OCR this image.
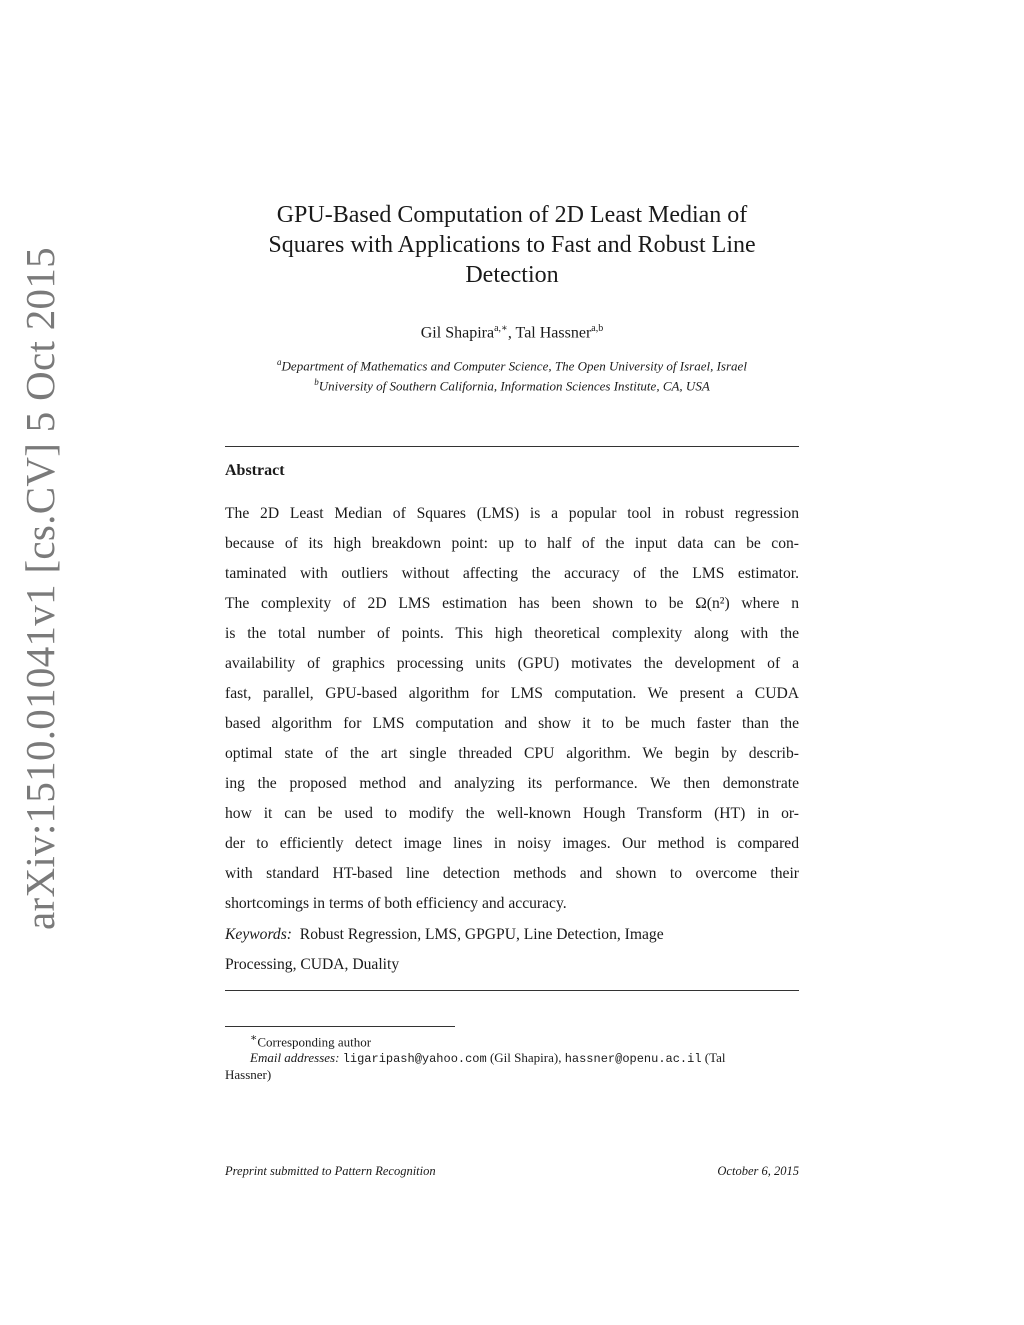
arXiv:1510.01041v1 [cs.CV] 5 Oct 2015
GPU-Based Computation of 2D Least Median of
Squares with Applications to Fast and Robust Line
Detection
Gil Shapira$^{a,∗}$, Tal Hassner$^{a,b}$
$^a$Department of Mathematics and Computer Science, The Open University of Israel, Israel
$^b$University of Southern California, Information Sciences Institute, CA, USA
Abstract
The 2D Least Median of Squares (LMS) is a popular tool in robust regression
because of its high breakdown point: up to half of the input data can be con-
taminated with outliers without affecting the accuracy of the LMS estimator.
The complexity of 2D LMS estimation has been shown to be Ω(n²) where n
is the total number of points. This high theoretical complexity along with the
availability of graphics processing units (GPU) motivates the development of a
fast, parallel, GPU-based algorithm for LMS computation. We present a CUDA
based algorithm for LMS computation and show it to be much faster than the
optimal state of the art single threaded CPU algorithm. We begin by describ-
ing the proposed method and analyzing its performance. We then demonstrate
how it can be used to modify the well-known Hough Transform (HT) in or-
der to efficiently detect image lines in noisy images. Our method is compared
with standard HT-based line detection methods and shown to overcome their
shortcomings in terms of both efficiency and accuracy.
Keywords: Robust Regression, LMS, GPGPU, Line Detection, Image
Processing, CUDA, Duality
∗Corresponding author
Email addresses: ligaripash@yahoo.com (Gil Shapira), hassner@openu.ac.il (Tal
Hassner)
Preprint submitted to Pattern Recognition	October 6, 2015
